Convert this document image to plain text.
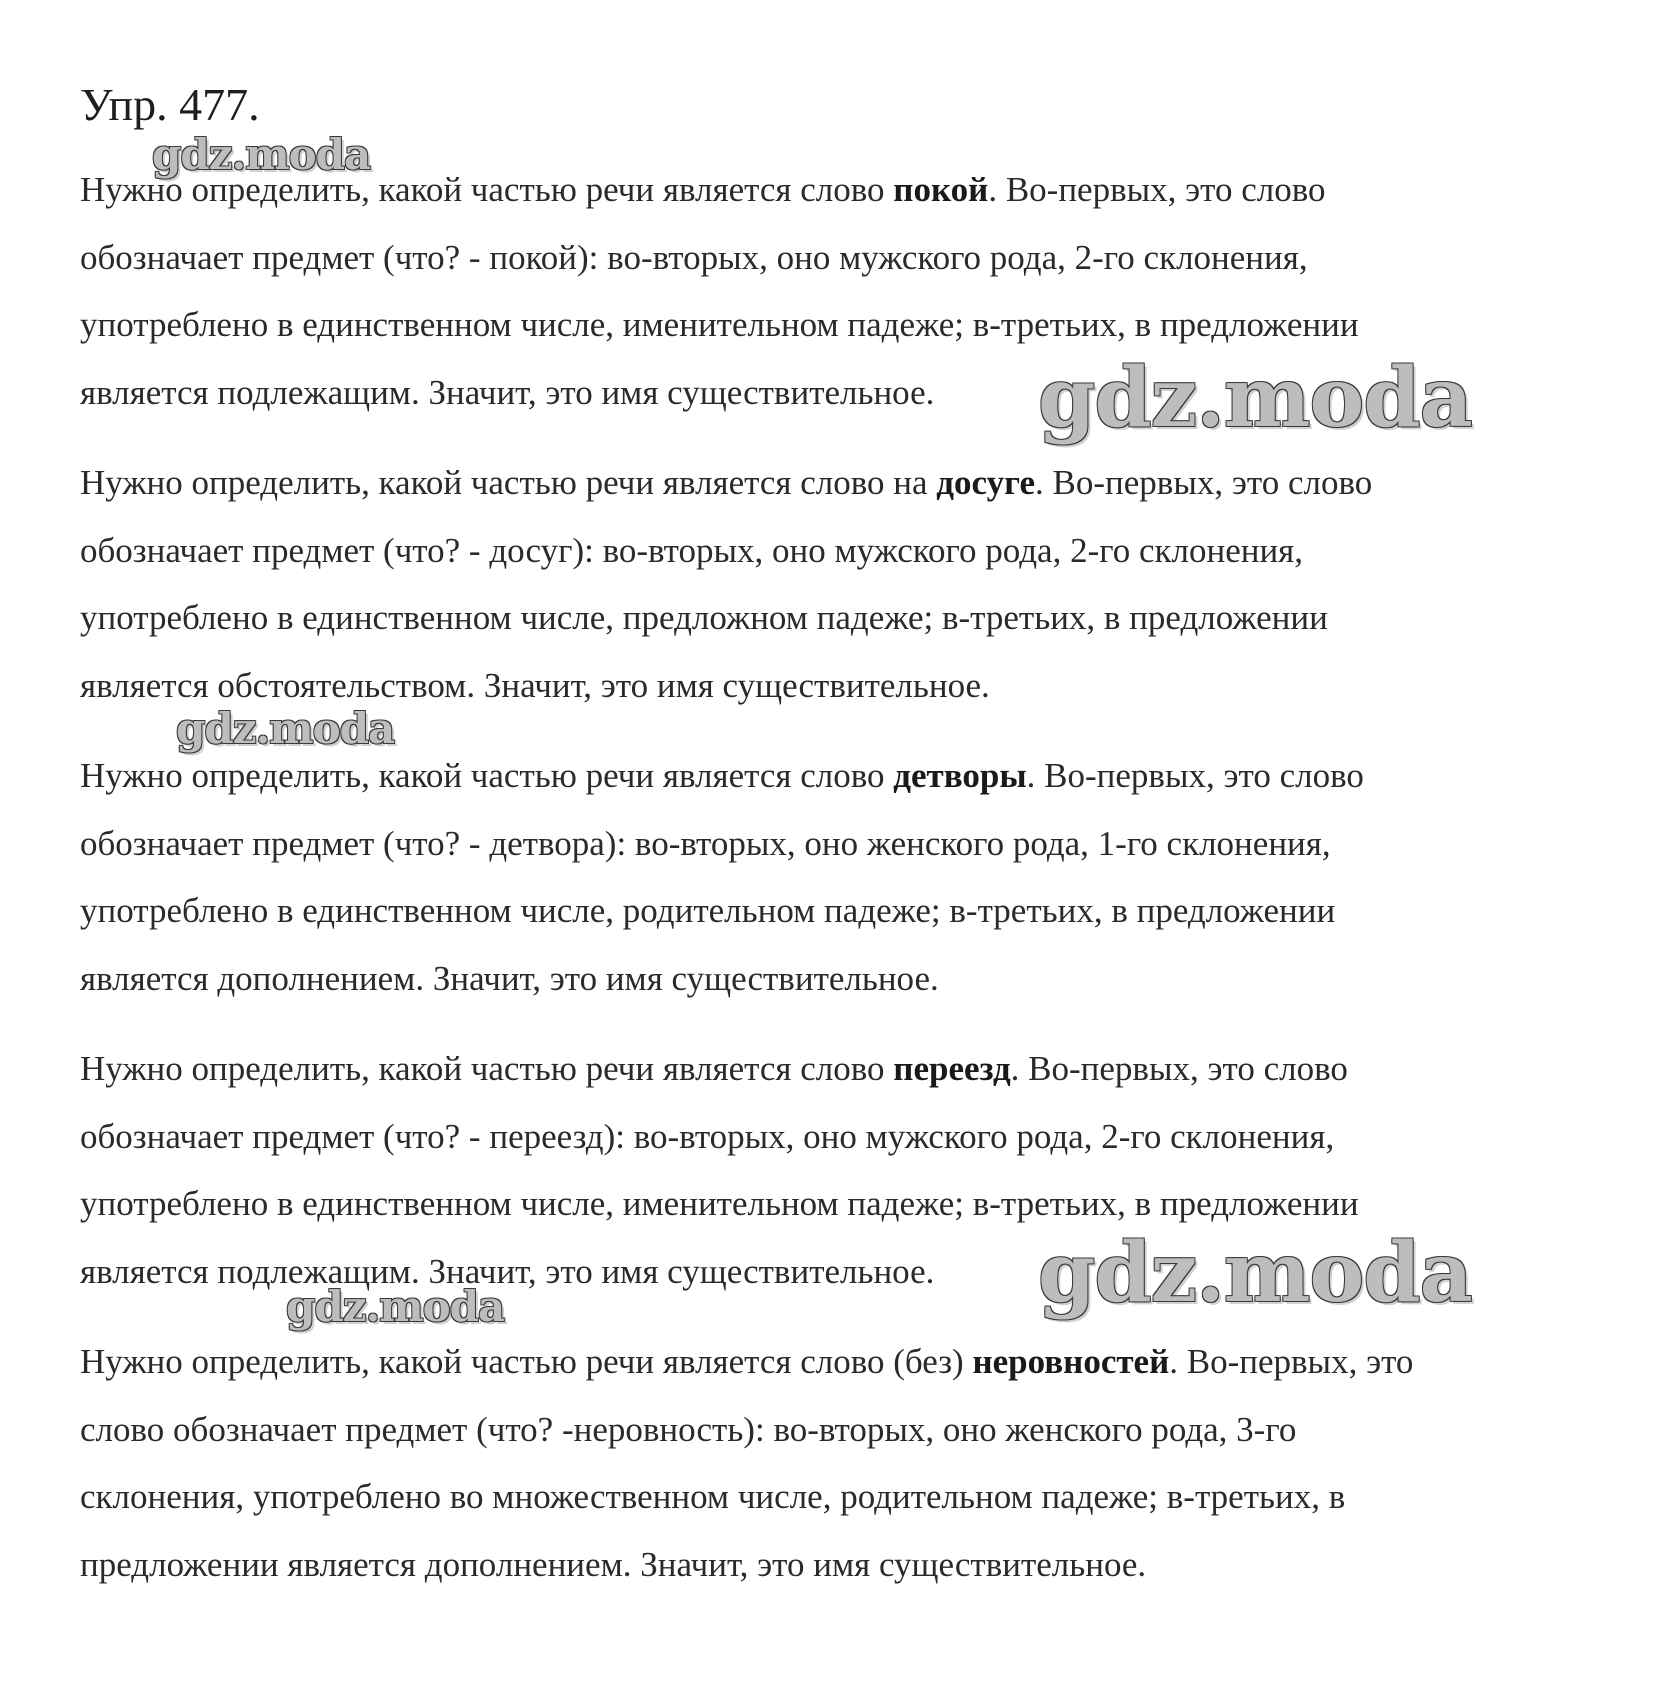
Упр. 477.

Нужно определить, какой частью речи является слово покой. Во-первых, это слово
обозначает предмет (что? - покой): во-вторых, оно мужского рода, 2-го склонения,
употреблено в единственном числе, именительном падеже; в-третьих, в предложении
является подлежащим. Значит, это имя существительное.

Нужно определить, какой частью речи является слово на досуге. Во-первых, это слово
обозначает предмет (что? - досуг): во-вторых, оно мужского рода, 2-го склонения,
употреблено в единственном числе, предложном падеже; в-третьих, в предложении
является обстоятельством. Значит, это имя существительное.

Нужно определить, какой частью речи является слово детворы. Во-первых, это слово
обозначает предмет (что? - детвора): во-вторых, оно женского рода, 1-го склонения,
употреблено в единственном числе, родительном падеже; в-третьих, в предложении
является дополнением. Значит, это имя существительное.

Нужно определить, какой частью речи является слово переезд. Во-первых, это слово
обозначает предмет (что? - переезд): во-вторых, оно мужского рода, 2-го склонения,
употреблено в единственном числе, именительном падеже; в-третьих, в предложении
является подлежащим. Значит, это имя существительное.

Нужно определить, какой частью речи является слово (без) неровностей. Во-первых, это
слово обозначает предмет (что? -неровность): во-вторых, оно женского рода, 3-го
склонения, употреблено во множественном числе, родительном падеже; в-третьих, в
предложении является дополнением. Значит, это имя существительное.

gdz.moda
gdz.moda
gdz.moda
gdz.moda
gdz.moda
